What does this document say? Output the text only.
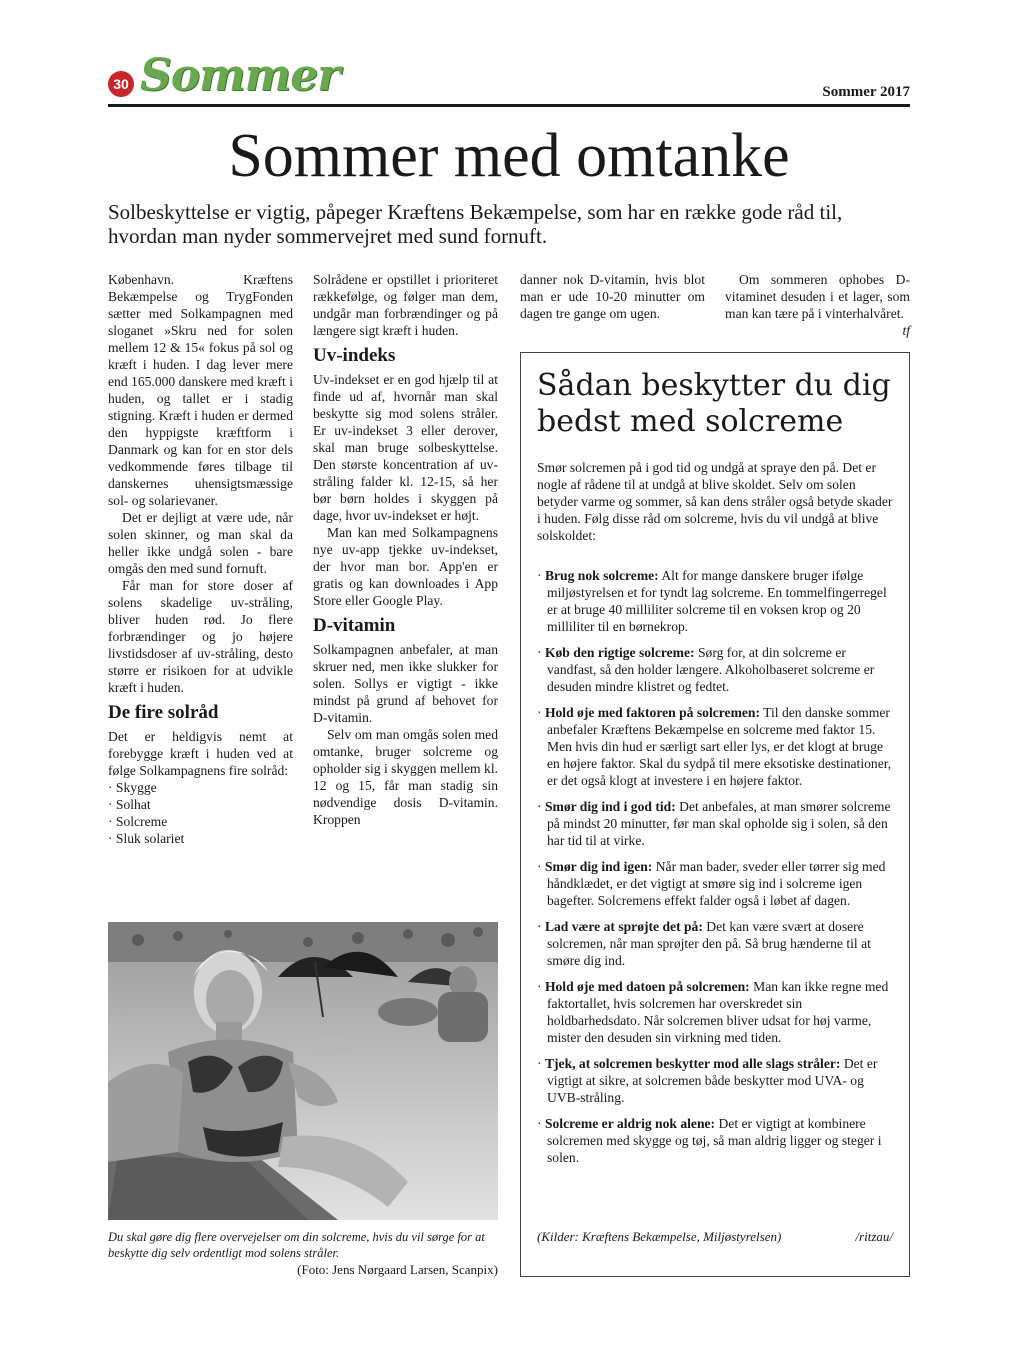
30 Sommer	Sommer 2017
Sommer med omtanke
Solbeskyttelse er vigtig, påpeger Kræftens Bekæmpelse, som har en række gode råd til, hvordan man nyder sommervejret med sund fornuft.

København. Kræftens Bekæmpelse og TrygFonden sætter med Solkampagnen med sloganet »Skru ned for solen mellem 12 & 15« fokus på sol og kræft i huden. I dag lever mere end 165.000 danskere med kræft i huden, og tallet er i stadig stigning. Kræft i huden er dermed den hyppigste kræftform i Danmark og kan for en stor dels vedkommende føres tilbage til danskernes uhensigtsmæssige sol- og solarievaner.

Det er dejligt at være ude, når solen skinner, og man skal da heller ikke undgå solen - bare omgås den med sund fornuft.

Får man for store doser af solens skadelige uv-stråling, bliver huden rød. Jo flere forbrændinger og jo højere livstidsdoser af uv-stråling, desto større er risikoen for at udvikle kræft i huden.

De fire solråd

Det er heldigvis nemt at forebygge kræft i huden ved at følge Solkampagnens fire solråd:

· Skygge
· Solhat
· Solcreme
· Sluk solariet

Solrådene er opstillet i prioriteret rækkefølge, og følger man dem, undgår man forbrændinger og på længere sigt kræft i huden.

Uv-indeks

Uv-indekset er en god hjælp til at finde ud af, hvornår man skal beskytte sig mod solens stråler. Er uv-indekset 3 eller derover, skal man bruge solbeskyttelse. Den største koncentration af uv-stråling falder kl. 12-15, så her bør børn holdes i skyggen på dage, hvor uv-indekset er højt.

Man kan med Solkampagnens nye uv-app tjekke uv-indekset, der hvor man bor. App'en er gratis og kan downloades i App Store eller Google Play.

D-vitamin

Solkampagnen anbefaler, at man skruer ned, men ikke slukker for solen. Sollys er vigtigt - ikke mindst på grund af behovet for D-vitamin.

Selv om man omgås solen med omtanke, bruger solcreme og opholder sig i skyggen mellem kl. 12 og 15, får man stadig sin nødvendige dosis D-vitamin. Kroppen

danner nok D-vitamin, hvis blot man er ude 10-20 minutter om dagen tre gange om ugen.

Om sommeren ophobes D-vitaminet desuden i et lager, som man kan tære på i vinterhalvåret.

tf
Du skal gøre dig flere overvejelser om din solcreme, hvis du vil sørge for at beskytte dig selv ordentligt mod solens stråler.
(Foto: Jens Nørgaard Larsen, Scanpix)
Sådan beskytter du dig bedst med solcreme
Smør solcremen på i god tid og undgå at spraye den på. Det er nogle af rådene til at undgå at blive skoldet. Selv om solen betyder varme og sommer, så kan dens stråler også betyde skader i huden. Følg disse råd om solcreme, hvis du vil undgå at blive solskoldet:
· Brug nok solcreme: Alt for mange danskere bruger ifølge miljøstyrelsen et for tyndt lag solcreme. En tommelfingerregel er at bruge 40 milliliter solcreme til en voksen krop og 20 milliliter til en børnekrop.
· Køb den rigtige solcreme: Sørg for, at din solcreme er vandfast, så den holder længere. Alkoholbaseret solcreme er desuden mindre klistret og fedtet.
· Hold øje med faktoren på solcremen: Til den danske sommer anbefaler Kræftens Bekæmpelse en solcreme med faktor 15. Men hvis din hud er særligt sart eller lys, er det klogt at bruge en højere faktor. Skal du sydpå til mere eksotiske destinationer, er det også klogt at investere i en højere faktor.
· Smør dig ind i god tid: Det anbefales, at man smører solcreme på mindst 20 minutter, før man skal opholde sig i solen, så den har tid til at virke.
· Smør dig ind igen: Når man bader, sveder eller tørrer sig med håndklædet, er det vigtigt at smøre sig ind i solcreme igen bagefter. Solcremens effekt falder også i løbet af dagen.
· Lad være at sprøjte det på: Det kan være svært at dosere solcremen, når man sprøjter den på. Så brug hænderne til at smøre dig ind.
· Hold øje med datoen på solcremen: Man kan ikke regne med faktortallet, hvis solcremen har overskredet sin holdbarhedsdato. Når solcremen bliver udsat for høj varme, mister den desuden sin virkning med tiden.
· Tjek, at solcremen beskytter mod alle slags stråler: Det er vigtigt at sikre, at solcremen både beskytter mod UVA- og UVB-stråling.
· Solcreme er aldrig nok alene: Det er vigtigt at kombinere solcremen med skygge og tøj, så man aldrig ligger og steger i solen.
(Kilder: Kræftens Bekæmpelse, Miljøstyrelsen)	/ritzau/
